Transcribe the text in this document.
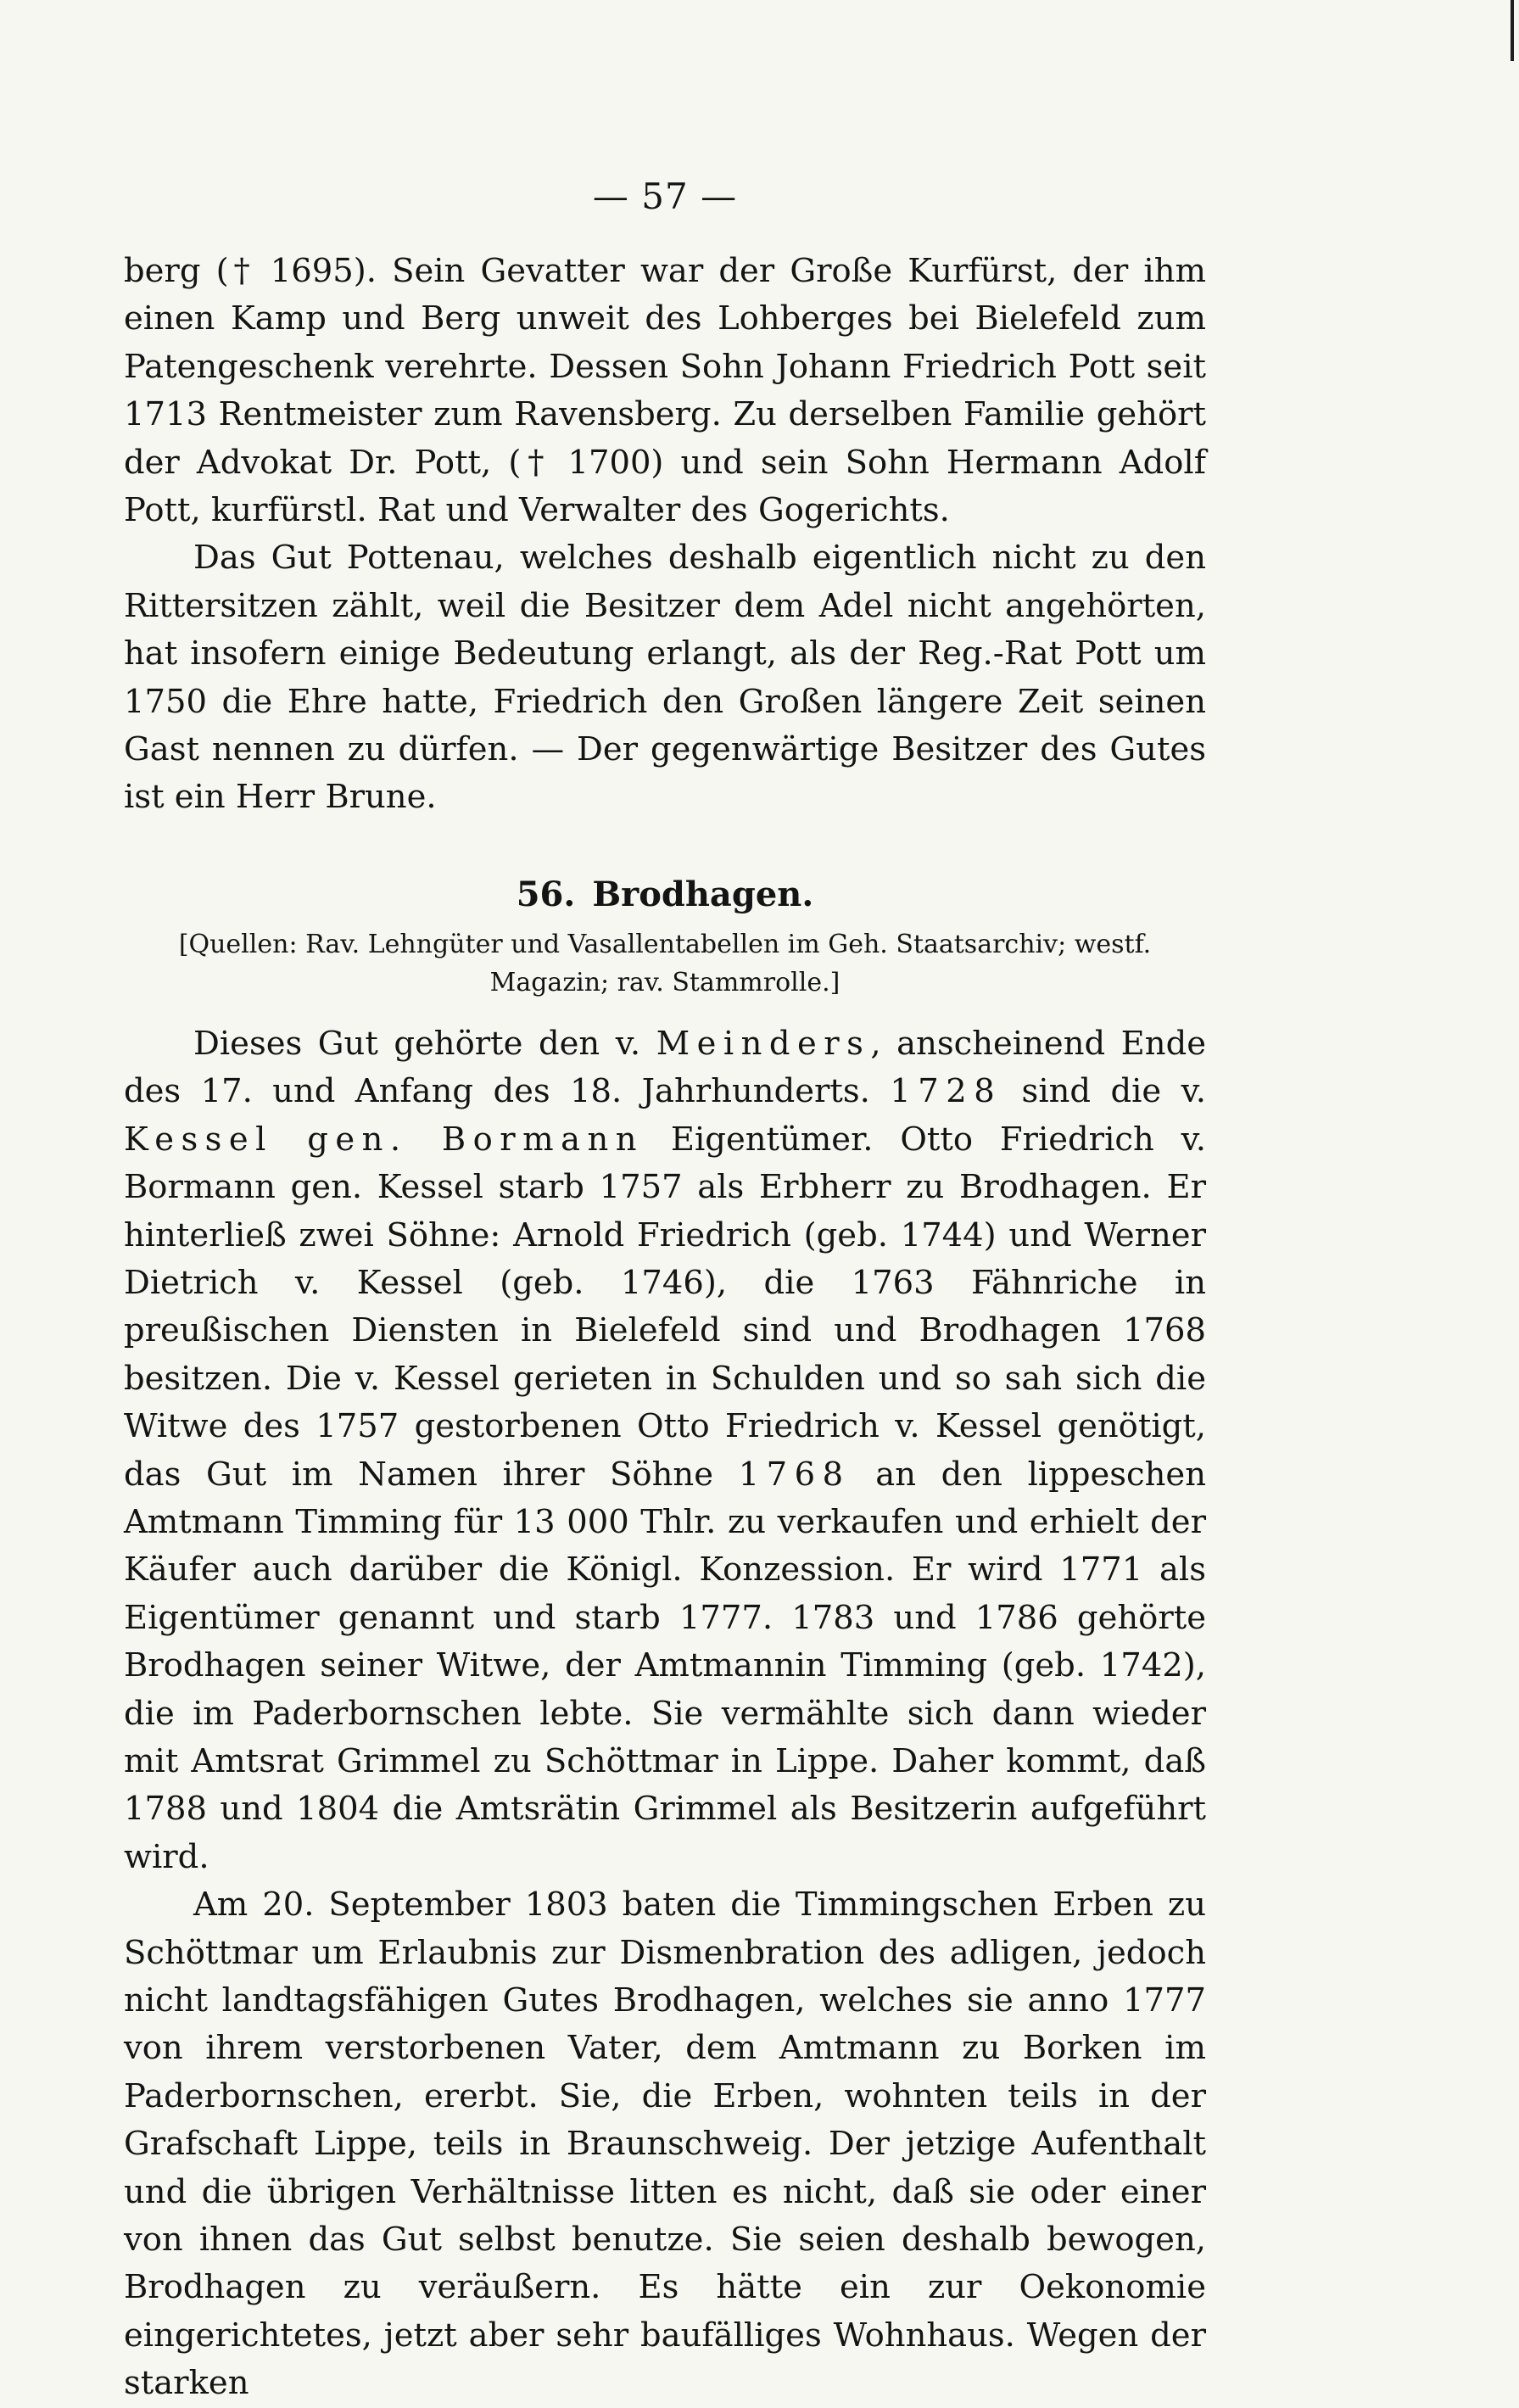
— 57 —

berg († 1695). Sein Gevatter war der Große Kurfürst, der ihm einen Kamp und Berg unweit des Lohberges bei Bielefeld zum Patengeschenk verehrte. Dessen Sohn Johann Friedrich Pott seit 1713 Rentmeister zum Ravensberg. Zu derselben Familie gehört der Advokat Dr. Pott, († 1700) und sein Sohn Hermann Adolf Pott, kurfürstl. Rat und Verwalter des Gogerichts.

Das Gut Pottenau, welches deshalb eigentlich nicht zu den Rittersitzen zählt, weil die Besitzer dem Adel nicht angehörten, hat insofern einige Bedeutung erlangt, als der Reg.-Rat Pott um 1750 die Ehre hatte, Friedrich den Großen längere Zeit seinen Gast nennen zu dürfen. — Der gegenwärtige Besitzer des Gutes ist ein Herr Brune.

56. Brodhagen.
[Quellen: Rav. Lehngüter und Vasallentabellen im Geh. Staatsarchiv; westf. Magazin; rav. Stammrolle.]

Dieses Gut gehörte den v. Meinders, anscheinend Ende des 17. und Anfang des 18. Jahrhunderts. 1728 sind die v. Kessel gen. Bormann Eigentümer. Otto Friedrich v. Bormann gen. Kessel starb 1757 als Erbherr zu Brodhagen. Er hinterließ zwei Söhne: Arnold Friedrich (geb. 1744) und Werner Dietrich v. Kessel (geb. 1746), die 1763 Fähnriche in preußischen Diensten in Bielefeld sind und Brodhagen 1768 besitzen. Die v. Kessel gerieten in Schulden und so sah sich die Witwe des 1757 gestorbenen Otto Friedrich v. Kessel genötigt, das Gut im Namen ihrer Söhne 1768 an den lippeschen Amtmann Timming für 13 000 Thlr. zu verkaufen und erhielt der Käufer auch darüber die Königl. Konzession. Er wird 1771 als Eigentümer genannt und starb 1777. 1783 und 1786 gehörte Brodhagen seiner Witwe, der Amtmannin Timming (geb. 1742), die im Paderbornschen lebte. Sie vermählte sich dann wieder mit Amtsrat Grimmel zu Schöttmar in Lippe. Daher kommt, daß 1788 und 1804 die Amtsrätin Grimmel als Besitzerin aufgeführt wird.

Am 20. September 1803 baten die Timmingschen Erben zu Schöttmar um Erlaubnis zur Dismenbration des adligen, jedoch nicht landtagsfähigen Gutes Brodhagen, welches sie anno 1777 von ihrem verstorbenen Vater, dem Amtmann zu Borken im Paderbornschen, ererbt. Sie, die Erben, wohnten teils in der Grafschaft Lippe, teils in Braunschweig. Der jetzige Aufenthalt und die übrigen Verhältnisse litten es nicht, daß sie oder einer von ihnen das Gut selbst benutze. Sie seien deshalb bewogen, Brodhagen zu veräußern. Es hätte ein zur Oekonomie eingerichtetes, jetzt aber sehr baufälliges Wohnhaus. Wegen der starken
